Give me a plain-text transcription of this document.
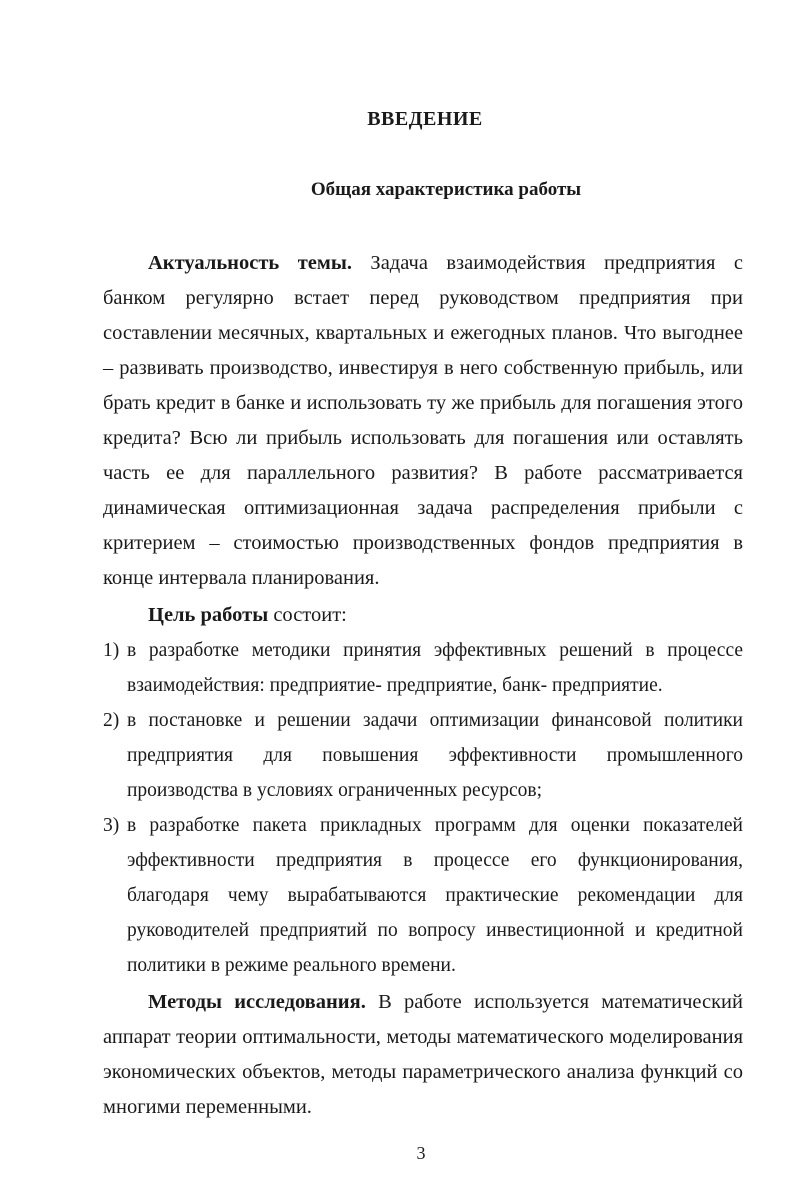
ВВЕДЕНИЕ
Общая характеристика работы
Актуальность темы. Задача взаимодействия предприятия с банком регулярно встает перед руководством предприятия при составлении месячных, квартальных и ежегодных планов. Что выгоднее – развивать производство, инвестируя в него собственную прибыль, или брать кредит в банке и использовать ту же прибыль для погашения этого кредита? Всю ли прибыль использовать для погашения или оставлять часть ее для параллельного развития? В работе рассматривается динамическая оптимизационная задача распределения прибыли с критерием – стоимостью производственных фондов предприятия в конце интервала планирования.
Цель работы состоит:
1) в разработке методики принятия эффективных решений в процессе взаимодействия: предприятие- предприятие, банк- предприятие.
2) в постановке и решении задачи оптимизации финансовой политики предприятия для повышения эффективности промышленного производства в условиях ограниченных ресурсов;
3) в разработке пакета прикладных программ для оценки показателей эффективности предприятия в процессе его функционирования, благодаря чему вырабатываются практические рекомендации для руководителей предприятий по вопросу инвестиционной и кредитной политики в режиме реального времени.
Методы исследования. В работе используется математический аппарат теории оптимальности, методы математического моделирования экономических объектов, методы параметрического анализа функций со многими переменными.
3
